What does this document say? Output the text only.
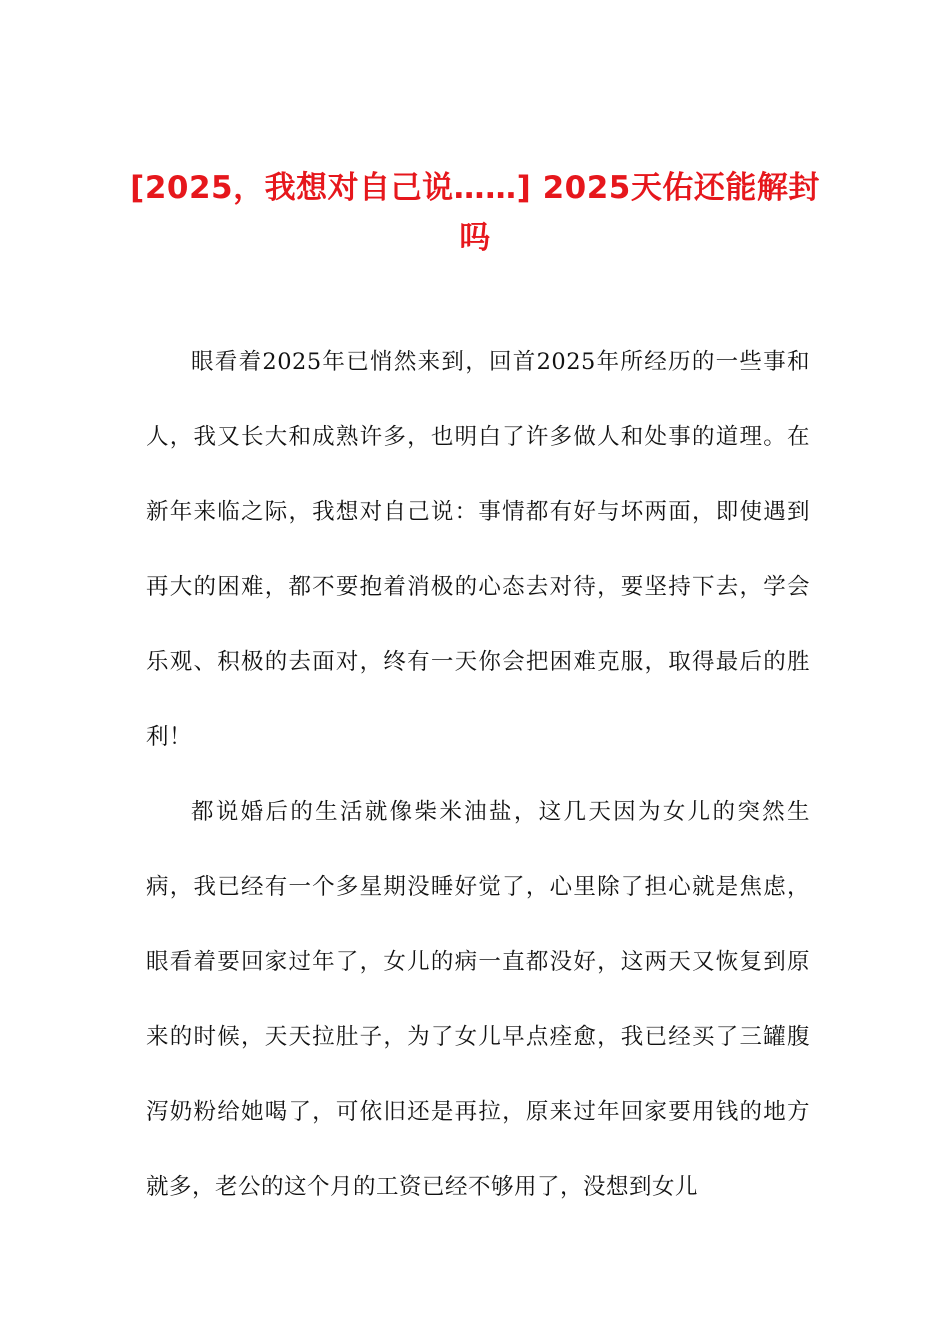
[2025，我想对自己说……] 2025天佑还能解封吗

眼看着2025年已悄然来到，回首2025年所经历的一些事和人，我又长大和成熟许多，也明白了许多做人和处事的道理。在新年来临之际，我想对自己说：事情都有好与坏两面，即使遇到再大的困难，都不要抱着消极的心态去对待，要坚持下去，学会乐观、积极的去面对，终有一天你会把困难克服，取得最后的胜利！

都说婚后的生活就像柴米油盐，这几天因为女儿的突然生病，我已经有一个多星期没睡好觉了，心里除了担心就是焦虑，眼看着要回家过年了，女儿的病一直都没好，这两天又恢复到原来的时候，天天拉肚子，为了女儿早点痊愈，我已经买了三罐腹泻奶粉给她喝了，可依旧还是再拉，原来过年回家要用钱的地方就多，老公的这个月的工资已经不够用了，没想到女儿
